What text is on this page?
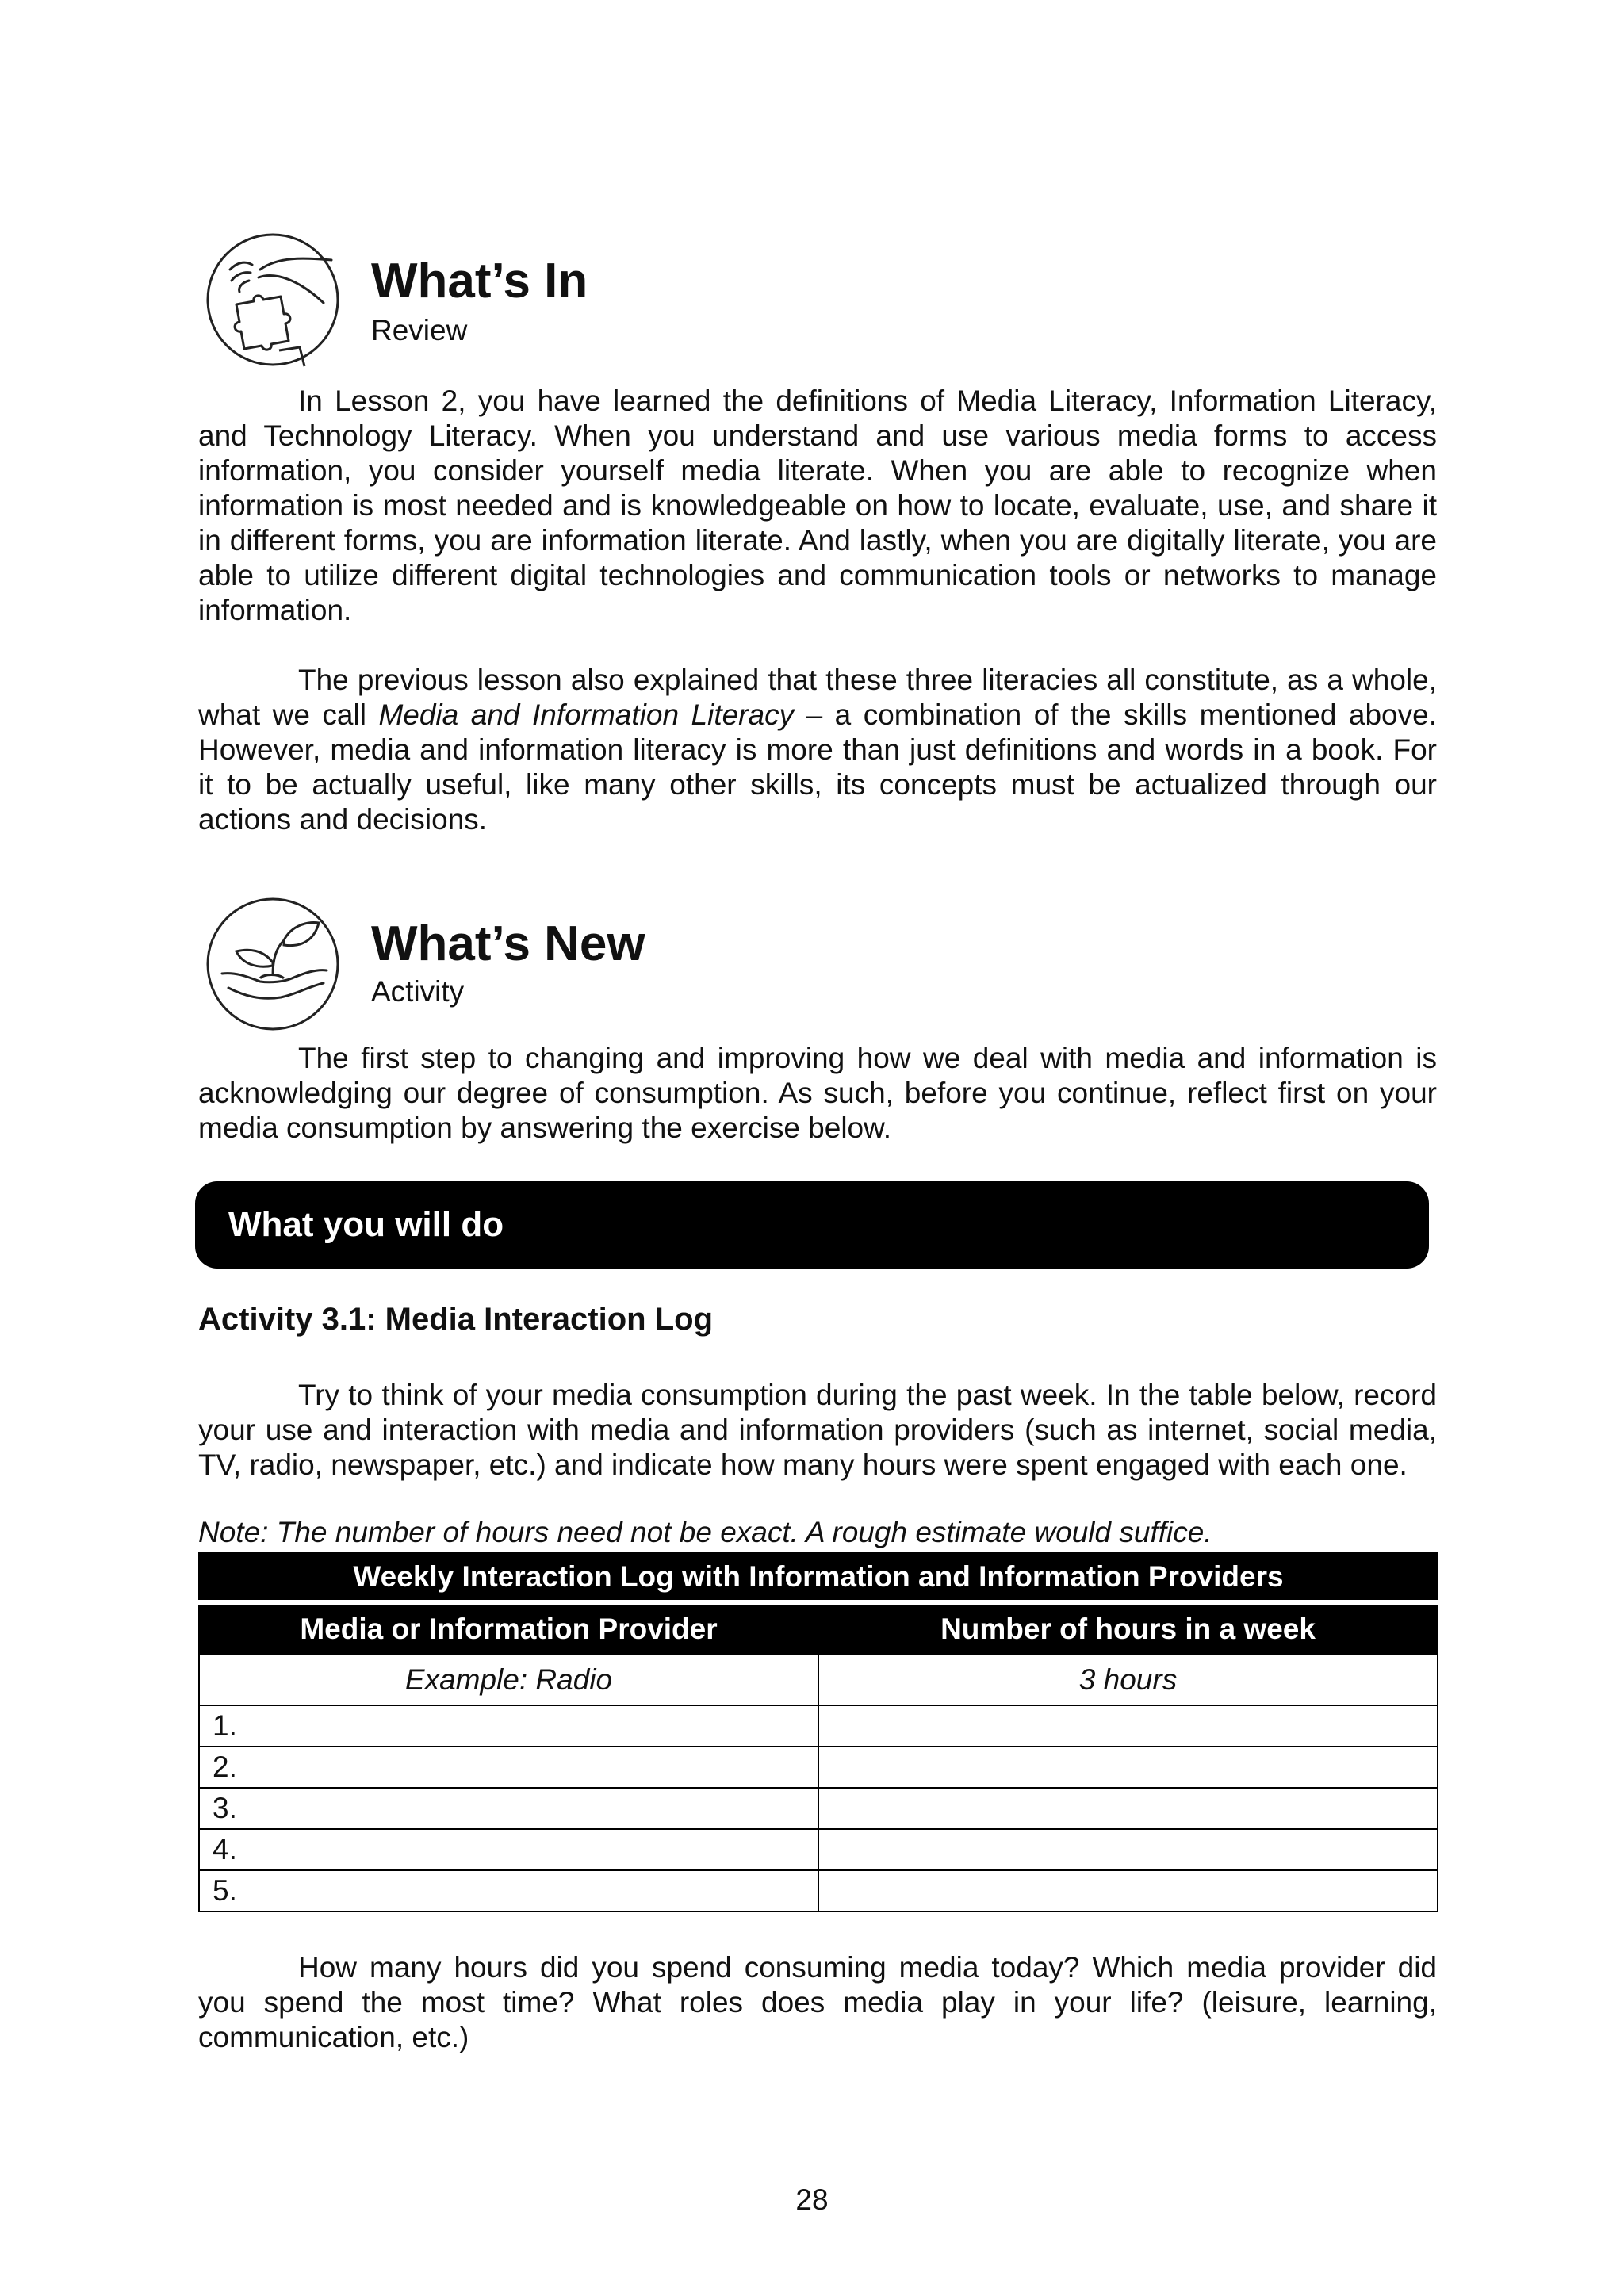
What’s In
Review

In Lesson 2, you have learned the definitions of Media Literacy, Information Literacy, and Technology Literacy. When you understand and use various media forms to access information, you consider yourself media literate. When you are able to recognize when information is most needed and is knowledgeable on how to locate, evaluate, use, and share it in different forms, you are information literate. And lastly, when you are digitally literate, you are able to utilize different digital technologies and communication tools or networks to manage information.

The previous lesson also explained that these three literacies all constitute, as a whole, what we call Media and Information Literacy – a combination of the skills mentioned above. However, media and information literacy is more than just definitions and words in a book. For it to be actually useful, like many other skills, its concepts must be actualized through our actions and decisions.

What’s New
Activity

The first step to changing and improving how we deal with media and information is acknowledging our degree of consumption. As such, before you continue, reflect first on your media consumption by answering the exercise below.

What you will do
Activity 3.1: Media Interaction Log

Try to think of your media consumption during the past week. In the table below, record your use and interaction with media and information providers (such as internet, social media, TV, radio, newspaper, etc.) and indicate how many hours were spent engaged with each one.

Note: The number of hours need not be exact. A rough estimate would suffice.
Weekly Interaction Log with Information and Information Providers	
Media or Information Provider	Number of hours in a week
Example: Radio	3 hours
1.	
2.	
3.	
4.	
5.	

How many hours did you spend consuming media today? Which media provider did you spend the most time? What roles does media play in your life? (leisure, learning, communication, etc.)

28
